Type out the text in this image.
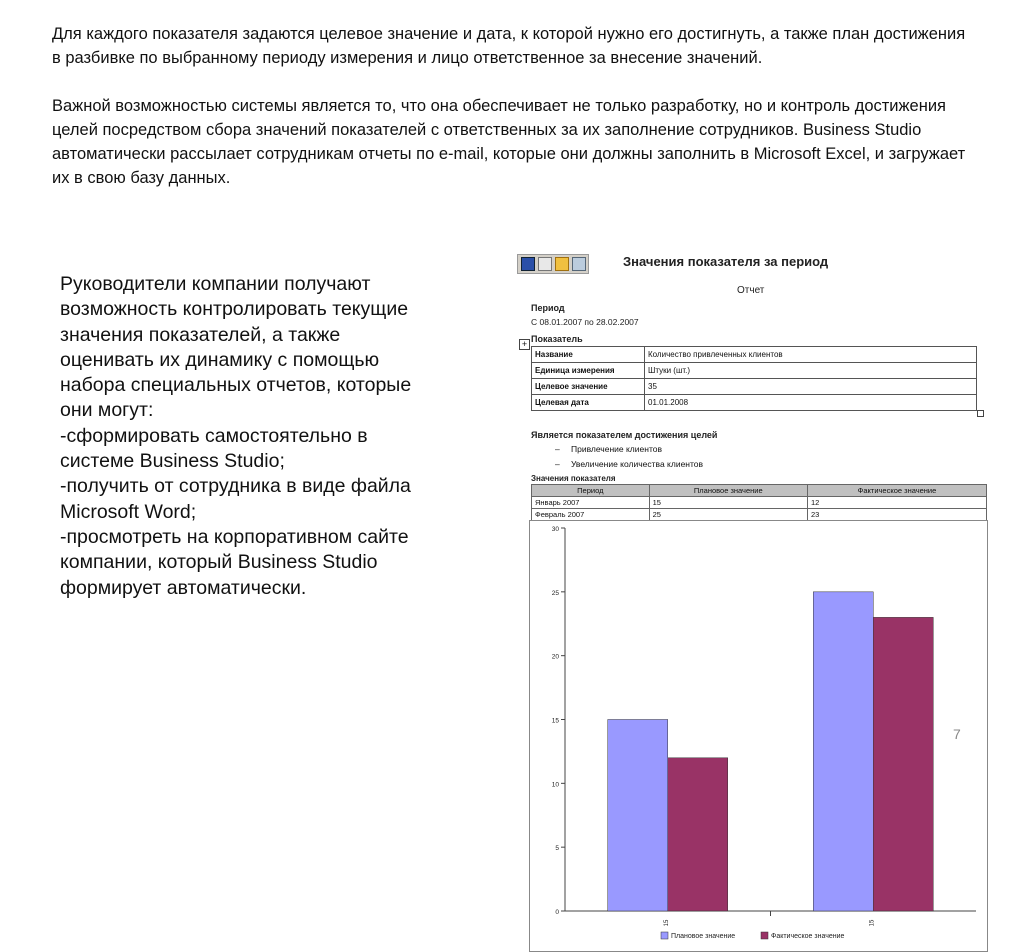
Для каждого показателя задаются целевое значение и дата, к которой нужно его достигнуть, а также план достижения в разбивке по выбранному периоду измерения и лицо ответственное за внесение значений.

Важной возможностью системы является то, что она обеспечивает не только разработку, но и контроль достижения целей посредством сбора значений показателей с ответственных за их заполнение сотрудников. Business Studio автоматически рассылает сотрудникам отчеты по e-mail, которые они должны заполнить в Microsoft Excel, и загружает их в свою базу данных.

Руководители компании получают
возможность контролировать текущие
значения показателей, а также
оценивать их динамику с помощью
набора специальных отчетов, которые
они могут:
-сформировать самостоятельно в
системе Business Studio;
-получить от сотрудника в виде файла
Microsoft Word;
-просмотреть на корпоративном сайте
компании, который Business Studio
формирует автоматически.
Значения показателя за период
Отчет
Период
С 08.01.2007 по 28.02.2007
+ Показатель
Название	Количество привлеченных клиентов
Единица измерения	Штуки (шт.)
Целевое значение	35
Целевая дата	01.01.2008
Является показателем достижения целей
– Привлечение клиентов
– Увеличение количества клиентов
Значения показателя
Период	Плановое значение	Фактическое значение
Январь 2007	15	12
Февраль 2007	25	23
0
5
10
15
20
25
30
15	15
Плановое значение	Фактическое значение
7
